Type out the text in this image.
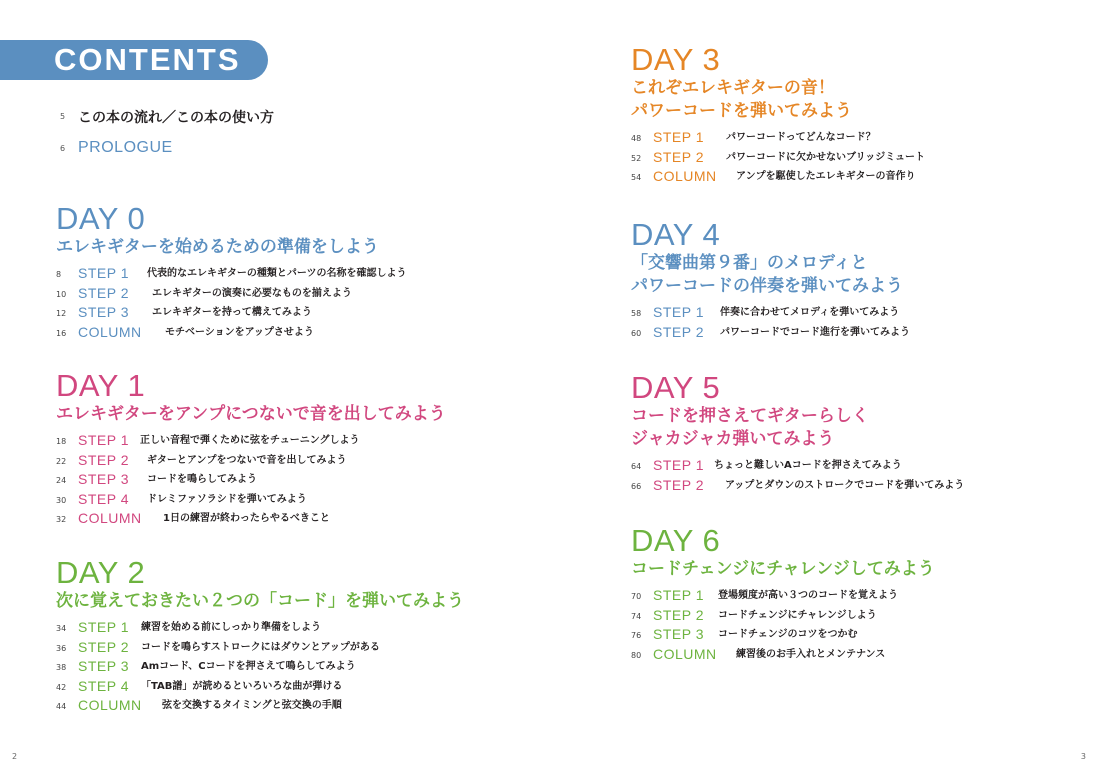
CONTENTS
5 この本の流れ／この本の使い方
6 PROLOGUE
DAY 0
エレキギターを始めるための準備をしよう
8	STEP 1 代表的なエレキギターの種類とパーツの名称を確認しよう
10 STEP 2 エレキギターの演奏に必要なものを揃えよう
12 STEP 3 エレキギターを持って構えてみよう
16 COLUMN モチベーションをアップさせよう
DAY 1
エレキギターをアンプにつないで音を出してみよう
18 STEP 1 正しい音程で弾くために弦をチューニングしよう
22 STEP 2 ギターとアンプをつないで音を出してみよう
24 STEP 3 コードを鳴らしてみよう
30 STEP 4 ドレミファソラシドを弾いてみよう
32 COLUMN 1日の練習が終わったらやるべきこと
DAY 2
次に覚えておきたい２つの「コード」を弾いてみよう
34 STEP 1 練習を始める前にしっかり準備をしよう
36 STEP 2 コードを鳴らすストロークにはダウンとアップがある
38 STEP 3 Amコード、Cコードを押さえて鳴らしてみよう
42 STEP 4 「TAB譜」が読めるといろいろな曲が弾ける
44 COLUMN 弦を交換するタイミングと弦交換の手順
DAY 3
これぞエレキギターの音！
パワーコードを弾いてみよう
48 STEP 1 パワーコードってどんなコード？
52 STEP 2 パワーコードに欠かせないブリッジミュート
54 COLUMN アンプを駆使したエレキギターの音作り
DAY 4
「交響曲第９番」のメロディと
パワーコードの伴奏を弾いてみよう
58 STEP 1 伴奏に合わせてメロディを弾いてみよう
60 STEP 2 パワーコードでコード進行を弾いてみよう
DAY 5
コードを押さえてギターらしく
ジャカジャカ弾いてみよう
64 STEP 1 ちょっと難しいAコードを押さえてみよう
66 STEP 2 アップとダウンのストロークでコードを弾いてみよう
DAY 6
コードチェンジにチャレンジしてみよう
70 STEP 1 登場頻度が高い３つのコードを覚えよう
74 STEP 2 コードチェンジにチャレンジしよう
76 STEP 3 コードチェンジのコツをつかむ
80 COLUMN 練習後のお手入れとメンテナンス
2	3
